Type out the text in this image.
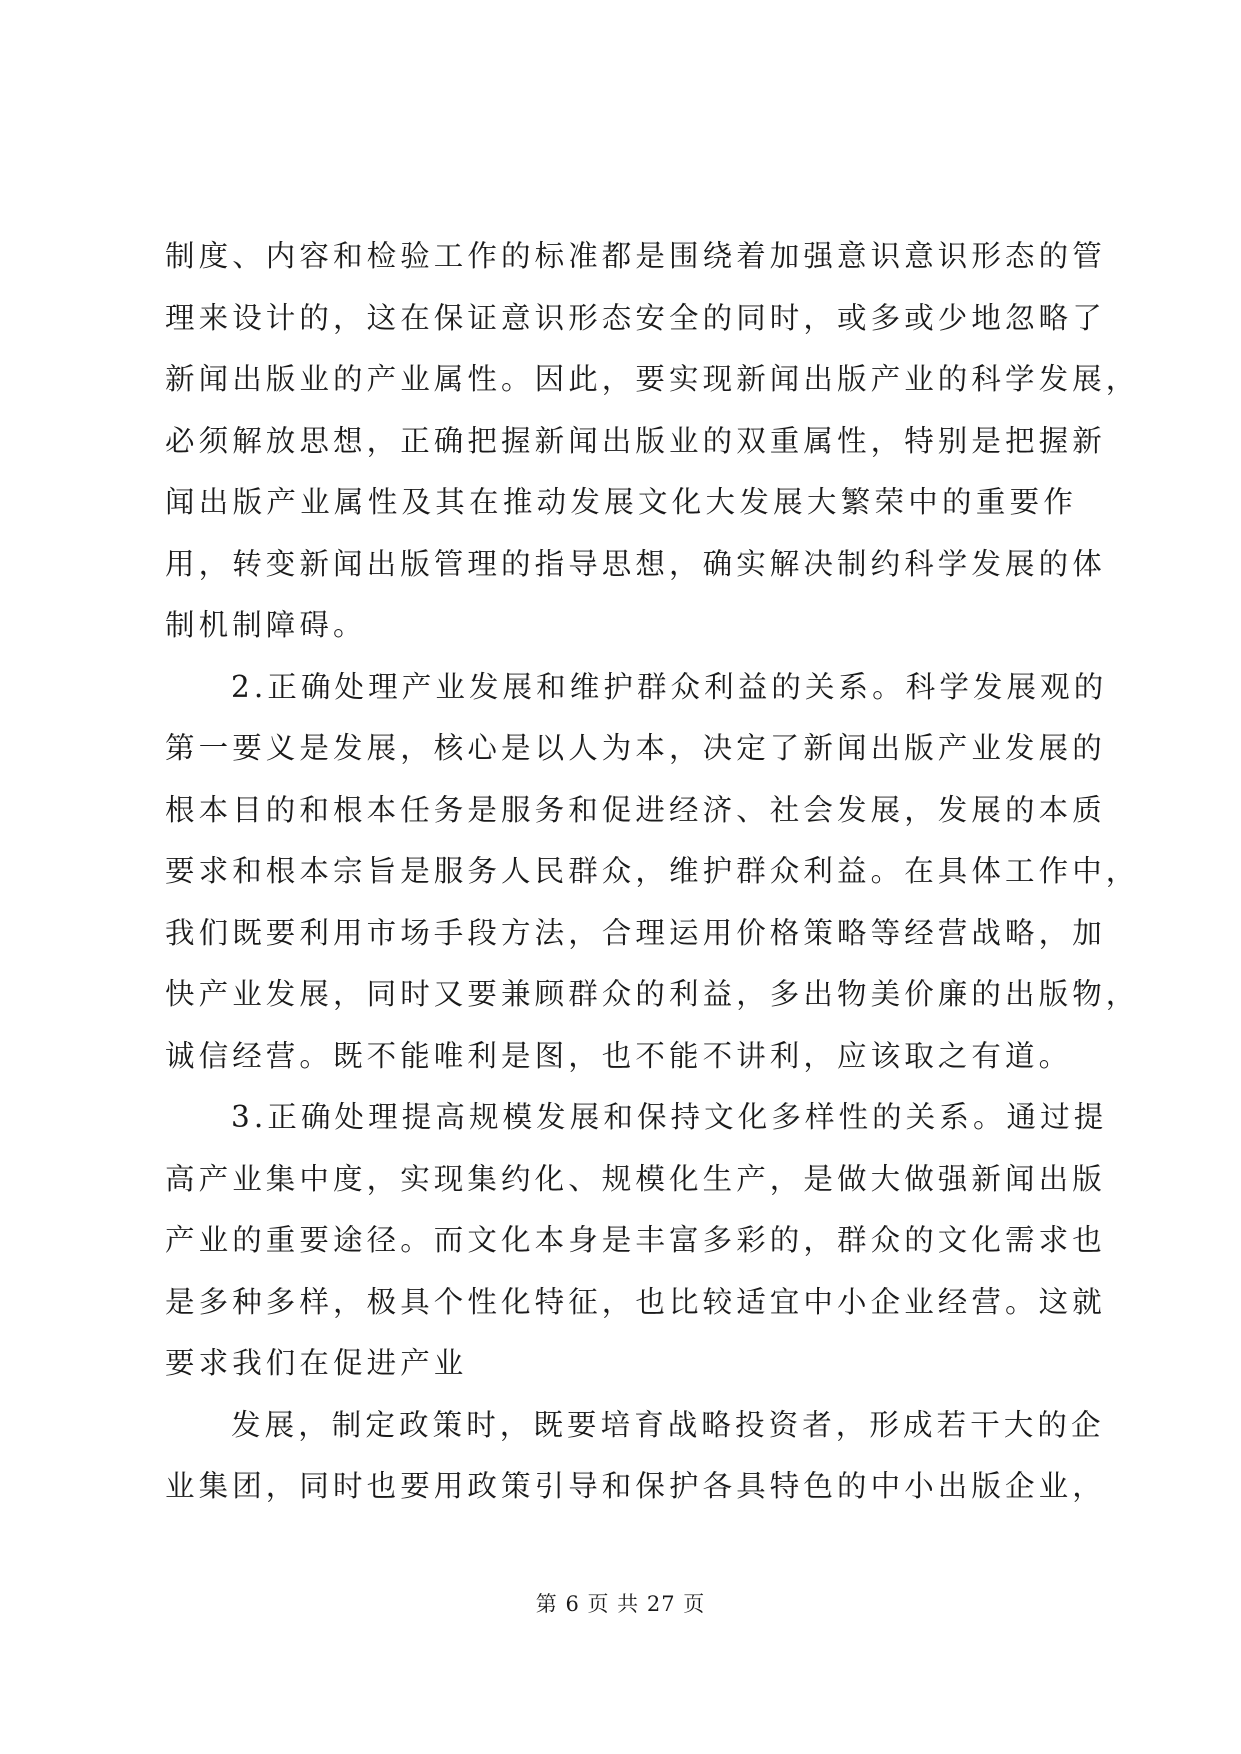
制度、内容和检验工作的标准都是围绕着加强意识意识形态的管
理来设计的，这在保证意识形态安全的同时，或多或少地忽略了
新闻出版业的产业属性。因此，要实现新闻出版产业的科学发展，
必须解放思想，正确把握新闻出版业的双重属性，特别是把握新
闻出版产业属性及其在推动发展文化大发展大繁荣中的重要作
用，转变新闻出版管理的指导思想，确实解决制约科学发展的体
制机制障碍。
2.正确处理产业发展和维护群众利益的关系。科学发展观的
第一要义是发展，核心是以人为本，决定了新闻出版产业发展的
根本目的和根本任务是服务和促进经济、社会发展，发展的本质
要求和根本宗旨是服务人民群众，维护群众利益。在具体工作中，
我们既要利用市场手段方法，合理运用价格策略等经营战略，加
快产业发展，同时又要兼顾群众的利益，多出物美价廉的出版物，
诚信经营。既不能唯利是图，也不能不讲利，应该取之有道。
3.正确处理提高规模发展和保持文化多样性的关系。通过提
高产业集中度，实现集约化、规模化生产，是做大做强新闻出版
产业的重要途径。而文化本身是丰富多彩的，群众的文化需求也
是多种多样，极具个性化特征，也比较适宜中小企业经营。这就
要求我们在促进产业
发展，制定政策时，既要培育战略投资者，形成若干大的企
业集团，同时也要用政策引导和保护各具特色的中小出版企业，
第 6 页 共 27 页
